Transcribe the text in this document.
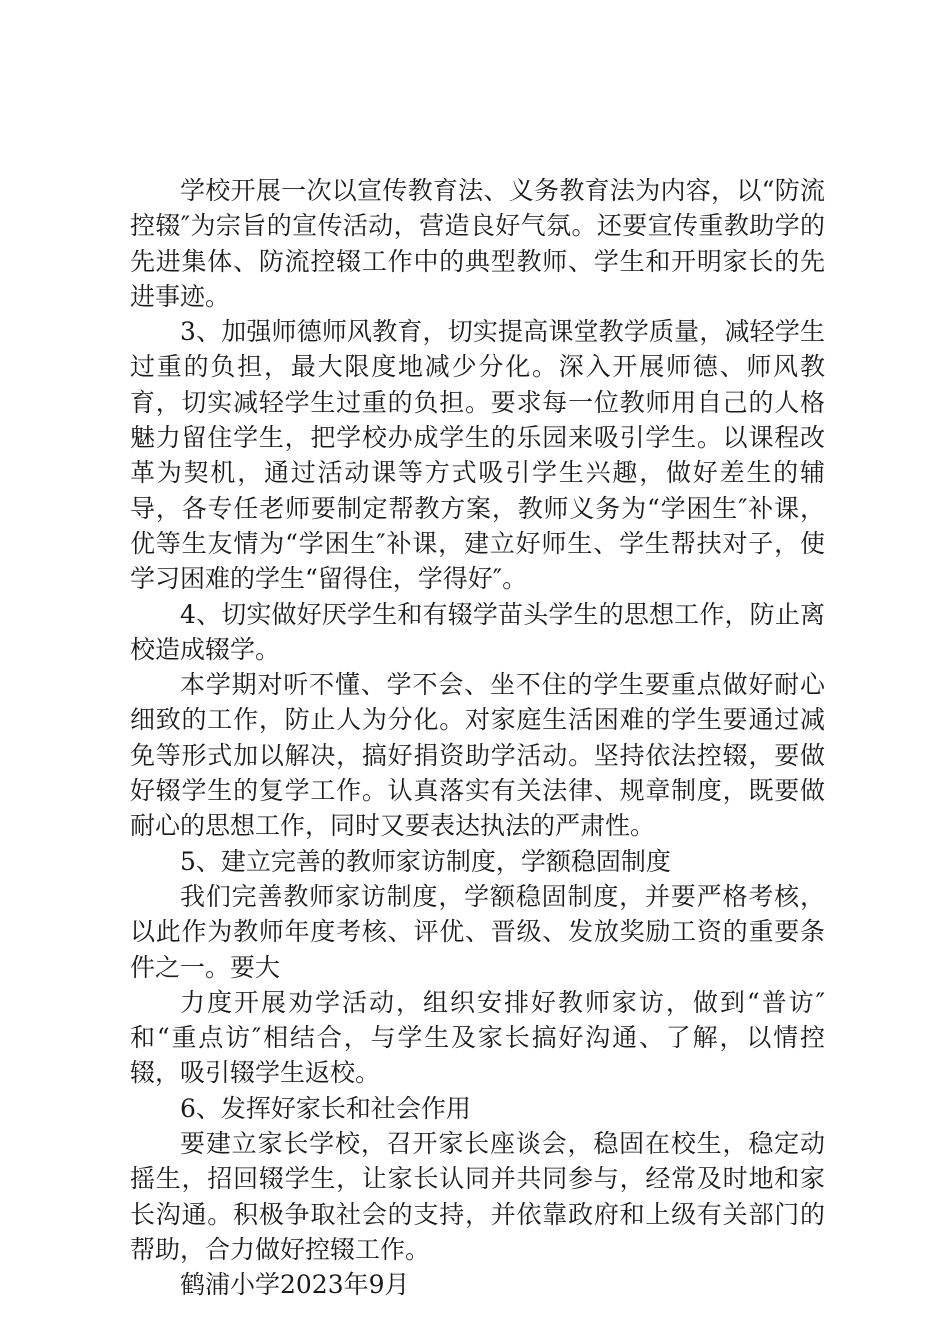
学校开展一次以宣传教育法、义务教育法为内容，以“防流控辍″为宗旨的宣传活动，营造良好气氛。还要宣传重教助学的先进集体、防流控辍工作中的典型教师、学生和开明家长的先进事迹。

3、加强师德师风教育，切实提高课堂教学质量，减轻学生过重的负担，最大限度地减少分化。深入开展师德、师风教育，切实减轻学生过重的负担。要求每一位教师用自己的人格魅力留住学生，把学校办成学生的乐园来吸引学生。以课程改革为契机，通过活动课等方式吸引学生兴趣，做好差生的辅导，各专任老师要制定帮教方案，教师义务为“学困生″补课，优等生友情为“学困生″补课，建立好师生、学生帮扶对子，使学习困难的学生“留得住，学得好″。

4、切实做好厌学生和有辍学苗头学生的思想工作，防止离校造成辍学。

本学期对听不懂、学不会、坐不住的学生要重点做好耐心细致的工作，防止人为分化。对家庭生活困难的学生要通过减免等形式加以解决，搞好捐资助学活动。坚持依法控辍，要做好辍学生的复学工作。认真落实有关法律、规章制度，既要做耐心的思想工作，同时又要表达执法的严肃性。

5、建立完善的教师家访制度，学额稳固制度

我们完善教师家访制度，学额稳固制度，并要严格考核，以此作为教师年度考核、评优、晋级、发放奖励工资的重要条件之一。要大

力度开展劝学活动，组织安排好教师家访，做到“普访″和“重点访″相结合，与学生及家长搞好沟通、了解，以情控辍，吸引辍学生返校。

6、发挥好家长和社会作用

要建立家长学校，召开家长座谈会，稳固在校生，稳定动摇生，招回辍学生，让家长认同并共同参与，经常及时地和家长沟通。积极争取社会的支持，并依靠政府和上级有关部门的帮助，合力做好控辍工作。

鹤浦小学2023年9月
